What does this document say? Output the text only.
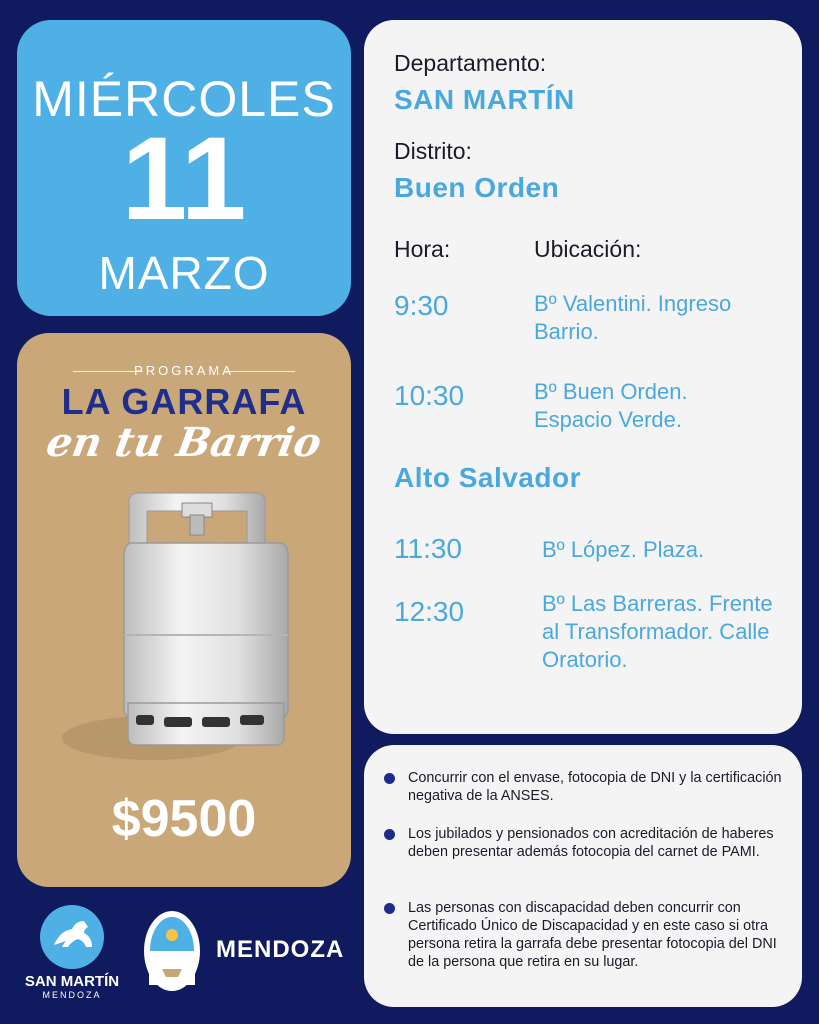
MIÉRCOLES
11
MARZO
PROGRAMA
LA GARRAFA
en tu Barrio
$9500
Departamento:
SAN MARTÍN
Distrito:
Buen Orden
Hora:	Ubicación:
9:30	Bº Valentini. Ingreso Barrio.
10:30	Bº Buen Orden. Espacio Verde.
Alto Salvador
11:30	Bº López. Plaza.
12:30	Bº Las Barreras. Frente al Transformador. Calle Oratorio.
Concurrir con el envase, fotocopia de DNI y la certificación negativa de la ANSES.
Los jubilados y pensionados con acreditación de haberes deben presentar además fotocopia del carnet de PAMI.
Las personas con discapacidad deben concurrir con Certificado Único de Discapacidad y en este caso si otra persona retira la garrafa debe presentar fotocopia del DNI de la persona que retira en su lugar.
SAN MARTÍN
MENDOZA
MENDOZA
